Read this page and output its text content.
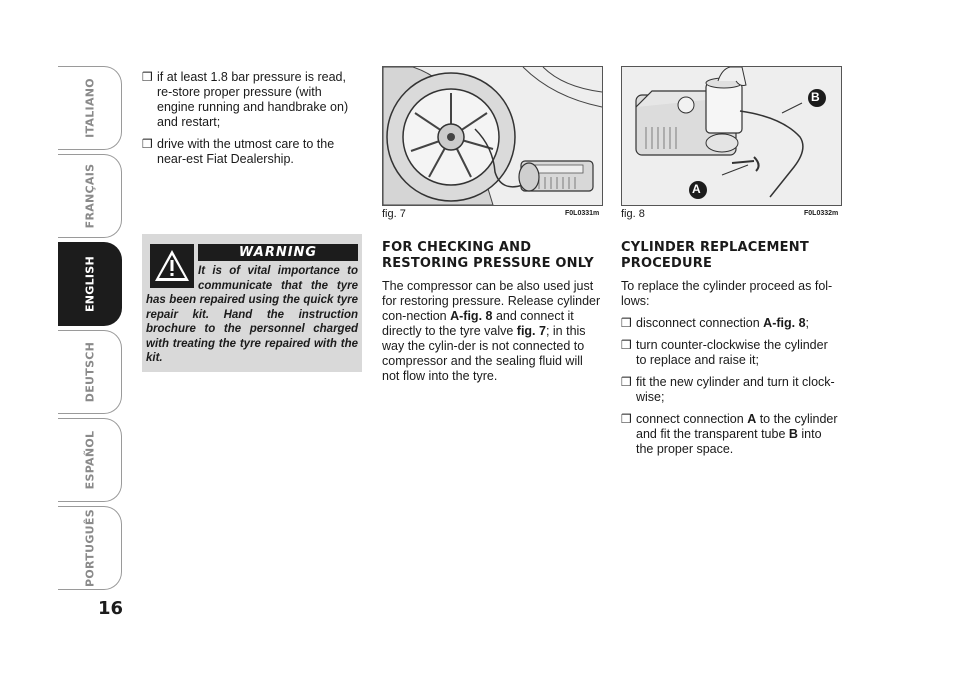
ITALIANO
FRANÇAIS
ENGLISH
DEUTSCH
ESPAÑOL
PORTUGUÊS
16

❒ if at least 1.8 bar pressure is read, re-store proper pressure (with engine running and handbrake on) and restart;

❒ drive with the utmost care to the near-est Fiat Dealership.

WARNING
It is of vital importance to communicate that the tyre has been repaired using the quick tyre repair kit. Hand the instruction brochure to the personnel charged with treating the tyre repaired with the kit.
fig. 7	F0L0331m
A
B
fig. 8	F0L0332m

FOR CHECKING AND RESTORING PRESSURE ONLY

The compressor can be also used just for restoring pressure. Release cylinder con-nection A-fig. 8 and connect it directly to the tyre valve fig. 7; in this way the cylin-der is not connected to compressor and the sealing fluid will not flow into the tyre.

CYLINDER REPLACEMENT PROCEDURE

To replace the cylinder proceed as fol-lows:

❒ disconnect connection A-fig. 8;

❒ turn counter-clockwise the cylinder to replace and raise it;

❒ fit the new cylinder and turn it clock-wise;

❒ connect connection A to the cylinder and fit the transparent tube B into the proper space.
